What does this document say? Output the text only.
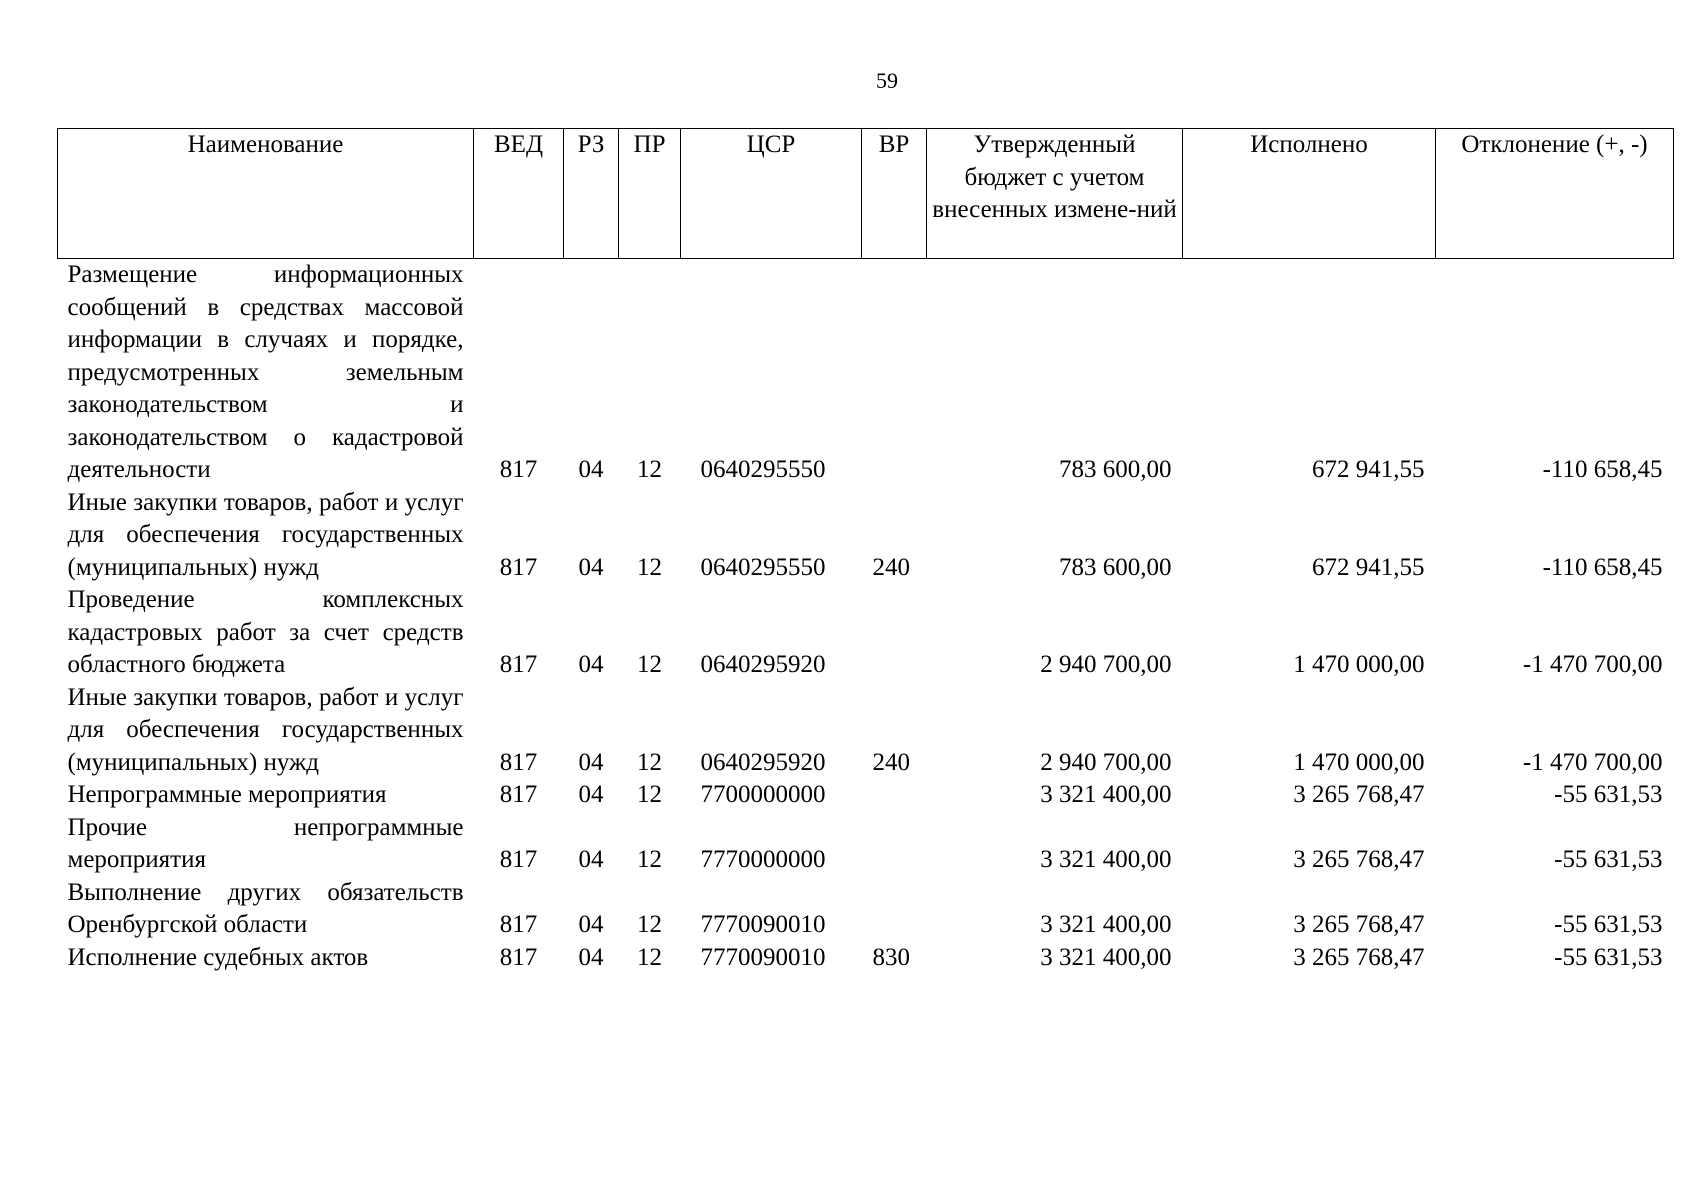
59
Наименование	ВЕД	РЗ	ПР	ЦСР	ВР	Утвержденный бюджет с учетом внесенных измене-ний	Исполнено	Отклонение (+, -)
Размещение информационных сообщений в средствах массовой информации в случаях и порядке, предусмотренных земельным законодательством и законодательством о кадастровой деятельности	817	04	12	0640295550		783 600,00	672 941,55	-110 658,45
Иные закупки товаров, работ и услуг для обеспечения государственных (муниципальных) нужд	817	04	12	0640295550	240	783 600,00	672 941,55	-110 658,45
Проведение комплексных кадастровых работ за счет средств областного бюджета	817	04	12	0640295920		2 940 700,00	1 470 000,00	-1 470 700,00
Иные закупки товаров, работ и услуг для обеспечения государственных (муниципальных) нужд	817	04	12	0640295920	240	2 940 700,00	1 470 000,00	-1 470 700,00
Непрограммные мероприятия	817	04	12	7700000000		3 321 400,00	3 265 768,47	-55 631,53
Прочие непрограммные мероприятия	817	04	12	7770000000		3 321 400,00	3 265 768,47	-55 631,53
Выполнение других обязательств Оренбургской области	817	04	12	7770090010		3 321 400,00	3 265 768,47	-55 631,53
Исполнение судебных актов	817	04	12	7770090010	830	3 321 400,00	3 265 768,47	-55 631,53
